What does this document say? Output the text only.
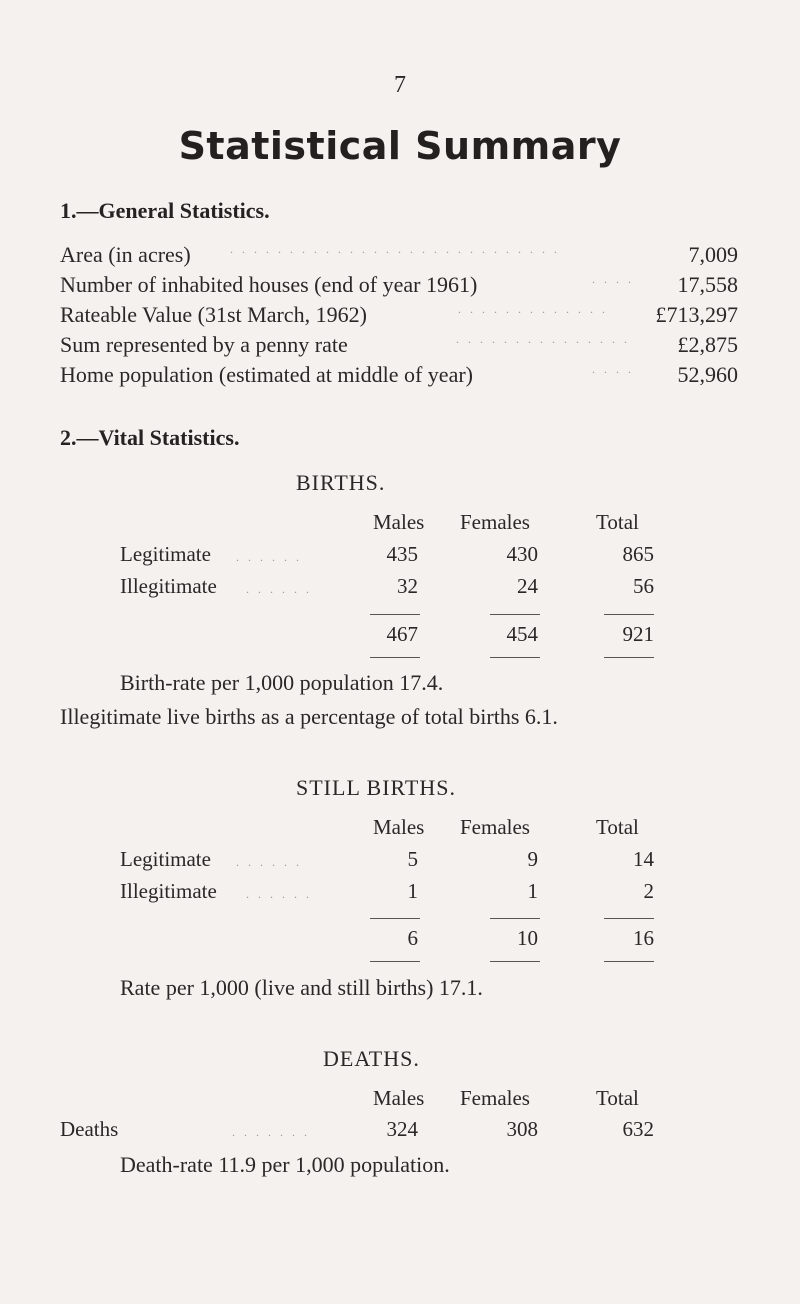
7
Statistical Summary
1.—General Statistics.
Area (in acres)	. . . . . . . . . . . . . . . . . . . . . . . . . . . .	7,009
Number of inhabited houses (end of year 1961)	. . . . 17,558
Rateable Value (31st March, 1962)	. . . . . . . . . . . . . £713,297
Sum represented by a penny rate	. . . . . . . . . . . . . . . £2,875
Home population (estimated at middle of year)	. . . . 52,960
2.—Vital Statistics.
BIRTHS.
Males Females	Total
Legitimate . . . . . .	435	430	865
Illegitimate . . . . . .	32	24	56
467	454	921
Birth-rate per 1,000 population 17.4.
Illegitimate live births as a percentage of total births 6.1.
STILL BIRTHS.
Males Females	Total
Legitimate . . . . . .	5	9	14
Illegitimate . . . . . .	1	1	2
6	10	16
Rate per 1,000 (live and still births) 17.1.
DEATHS.
Males Females	Total
Deaths	. . . . . . .	324	308	632
Death-rate 11.9 per 1,000 population.
